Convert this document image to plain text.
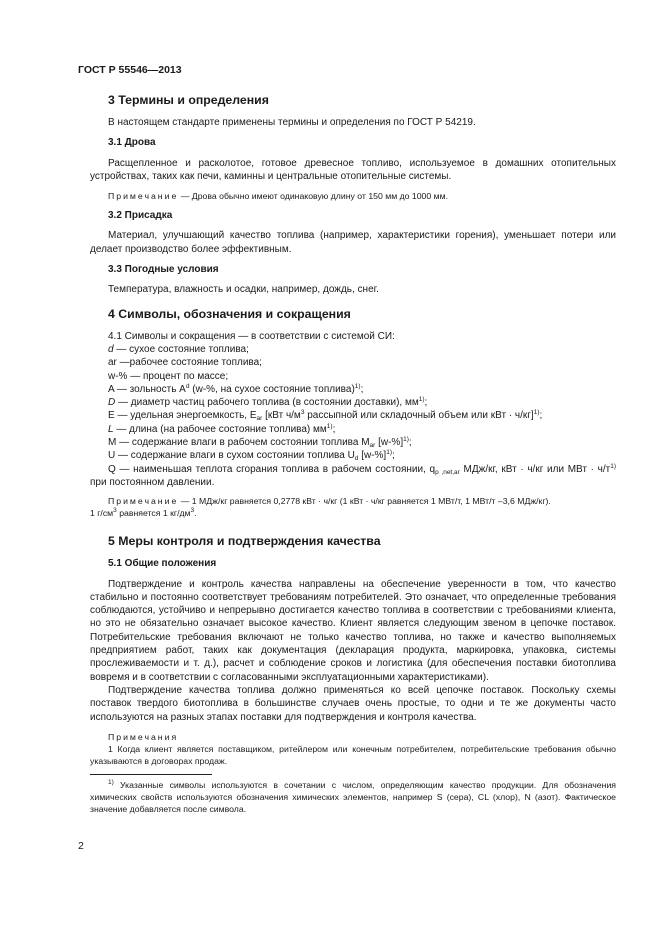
ГОСТ Р 55546—2013
3 Термины и определения

В настоящем стандарте применены термины и определения по ГОСТ Р 54219.

3.1 Дрова

Расщепленное и расколотое, готовое древесное топливо, используемое в домашних отопительных устройствах, таких как печи, каминны и центральные отопительные системы.

Примечание — Дрова обычно имеют одинаковую длину от 150 мм до 1000 мм.

3.2 Присадка

Материал, улучшающий качество топлива (например, характеристики горения), уменьшает потери или делает производство более эффективным.

3.3 Погодные условия

Температура, влажность и осадки, например, дождь, снег.

4 Символы, обозначения и сокращения
4.1 Символы и сокращения — в соответствии с системой СИ:
d — сухое состояние топлива;
ar —рабочее состояние топлива;
w-% — процент по массе;
A — зольность $A^d$ (w-%, на сухое состояние топлива)$^{1)}$;
D — диаметр частиц рабочего топлива (в состоянии доставки), $мм^{1)}$;
E — удельная энергоемкость, $E_{ar}$ [кВт $ч/м^3$ рассыпной или складочный объем или кВт · ч/кг]$^{1)}$;
L — длина (на рабочее состояние топлива) $мм^{1)}$;
М — содержание влаги в рабочем состоянии топлива $M_{ar}$ $[w-\%]^{1)}$;
U — содержание влаги в сухом состоянии топлива $U_d$ $[w-\%]^{1)}$;
Q — наименьшая теплота сгорания топлива в рабочем состоянии, $q_{p ,net,ar}$ МДж/кг, кВт · ч/кг или МВт · $ч/т^{1)}$ при постоянном давлении.

Примечание — 1 МДж/кг равняется 0,2778 кВт · ч/кг (1 кВт · ч/кг равняется 1 МВт/т, 1 МВт/т –3,6 МДж/кг).

1 $г/см^3$ равняется 1 $кг/дм^3$.

5 Меры контроля и подтверждения качества
5.1 Общие положения

Подтверждение и контроль качества направлены на обеспечение уверенности в том, что качество стабильно и постоянно соответствует требованиям потребителей. Это означает, что определенные требования соблюдаются, устойчиво и непрерывно достигается качество топлива в соответствии с требованиями клиента, но это не обязательно означает высокое качество. Клиент является следующим звеном в цепочке поставок. Потребительские требования включают не только качество топлива, но также и качество выполняемых предприятием работ, таких как документация (декларация продукта, маркировка, упаковка, системы прослеживаемости и т. д.), расчет и соблюдение сроков и логистика (для обеспечения поставки биотоплива вовремя и в соответствии с согласованными эксплуатационными характеристиками).

Подтверждение качества топлива должно применяться ко всей цепочке поставок. Поскольку схемы поставок твердого биотоплива в большинстве случаев очень простые, то одни и те же документы часто используются на разных этапах поставки для подтверждения и контроля качества.

Примечания

1 Когда клиент является поставщиком, ритейлером или конечным потребителем, потребительские требования обычно указываются в договорах продаж.

$^{1)}$ Указанные символы используются в сочетании с числом, определяющим качество продукции. Для обозначения химических свойств используются обозначения химических элементов, например S (сера), CL (хлор), N (азот). Фактическое значение добавляется после символа.

2
